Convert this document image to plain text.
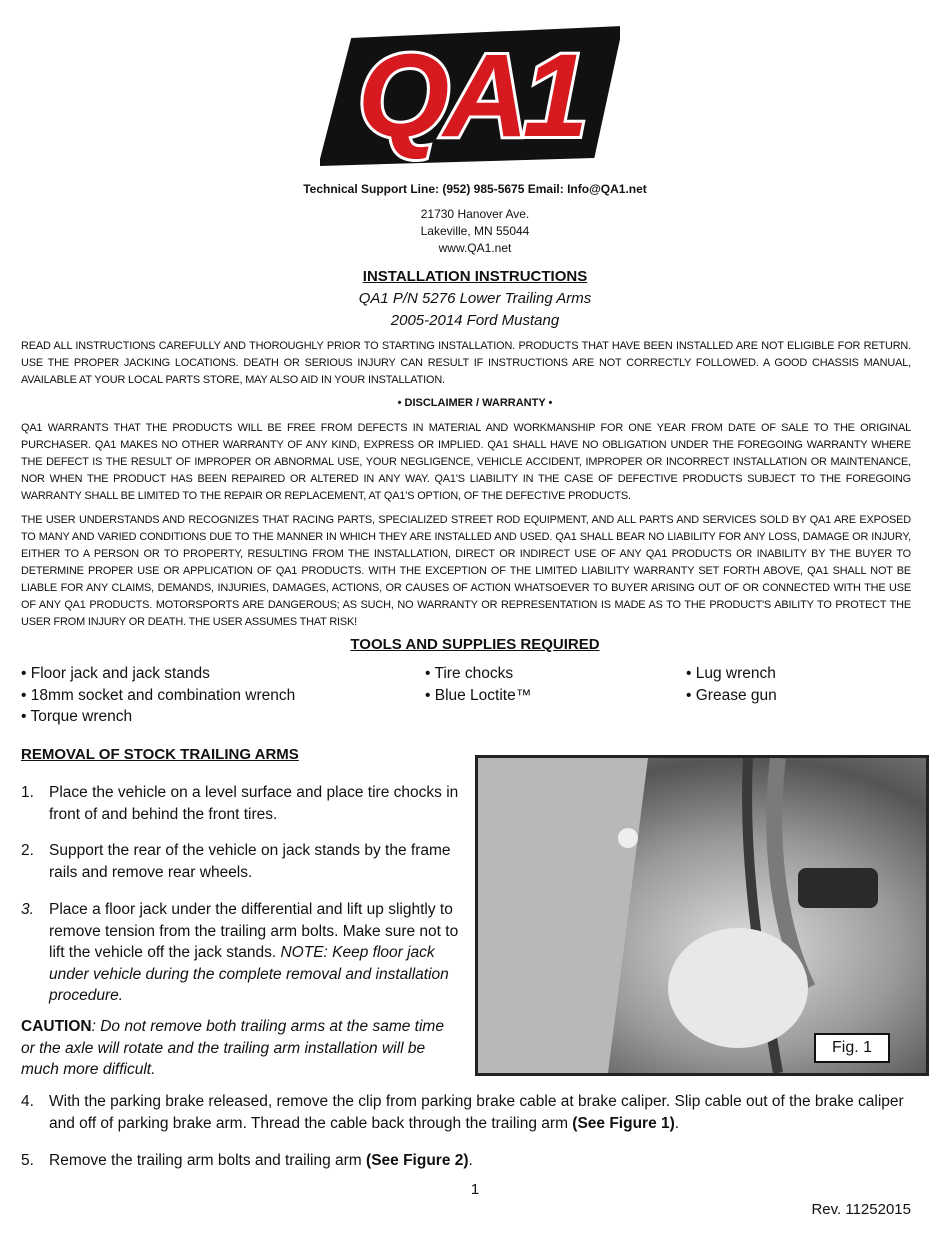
QA1 ®
Technical Support Line: (952) 985-5675 Email: Info@QA1.net
21730 Hanover Ave.
Lakeville, MN 55044
www.QA1.net
INSTALLATION INSTRUCTIONS
QA1 P/N 5276 Lower Trailing Arms
2005-2014 Ford Mustang
READ ALL INSTRUCTIONS CAREFULLY AND THOROUGHLY PRIOR TO STARTING INSTALLATION. PRODUCTS THAT HAVE BEEN INSTALLED ARE NOT ELIGIBLE FOR RETURN. USE THE PROPER JACKING LOCATIONS. DEATH OR SERIOUS INJURY CAN RESULT IF INSTRUCTIONS ARE NOT CORRECTLY FOLLOWED. A GOOD CHASSIS MANUAL, AVAILABLE AT YOUR LOCAL PARTS STORE, MAY ALSO AID IN YOUR INSTALLATION.
• DISCLAIMER / WARRANTY •
QA1 WARRANTS THAT THE PRODUCTS WILL BE FREE FROM DEFECTS IN MATERIAL AND WORKMANSHIP FOR ONE YEAR FROM DATE OF SALE TO THE ORIGINAL PURCHASER. QA1 MAKES NO OTHER WARRANTY OF ANY KIND, EXPRESS OR IMPLIED. QA1 SHALL HAVE NO OBLIGATION UNDER THE FOREGOING WARRANTY WHERE THE DEFECT IS THE RESULT OF IMPROPER OR ABNORMAL USE, YOUR NEGLIGENCE, VEHICLE ACCIDENT, IMPROPER OR INCORRECT INSTALLATION OR MAINTENANCE, NOR WHEN THE PRODUCT HAS BEEN REPAIRED OR ALTERED IN ANY WAY. QA1'S LIABILITY IN THE CASE OF DEFECTIVE PRODUCTS SUBJECT TO THE FOREGOING WARRANTY SHALL BE LIMITED TO THE REPAIR OR REPLACEMENT, AT QA1'S OPTION, OF THE DEFECTIVE PRODUCTS.
THE USER UNDERSTANDS AND RECOGNIZES THAT RACING PARTS, SPECIALIZED STREET ROD EQUIPMENT, AND ALL PARTS AND SERVICES SOLD BY QA1 ARE EXPOSED TO MANY AND VARIED CONDITIONS DUE TO THE MANNER IN WHICH THEY ARE INSTALLED AND USED. QA1 SHALL BEAR NO LIABILITY FOR ANY LOSS, DAMAGE OR INJURY, EITHER TO A PERSON OR TO PROPERTY, RESULTING FROM THE INSTALLATION, DIRECT OR INDIRECT USE OF ANY QA1 PRODUCTS OR INABILITY BY THE BUYER TO DETERMINE PROPER USE OR APPLICATION OF QA1 PRODUCTS. WITH THE EXCEPTION OF THE LIMITED LIABILITY WARRANTY SET FORTH ABOVE, QA1 SHALL NOT BE LIABLE FOR ANY CLAIMS, DEMANDS, INJURIES, DAMAGES, ACTIONS, OR CAUSES OF ACTION WHATSOEVER TO BUYER ARISING OUT OF OR CONNECTED WITH THE USE OF ANY QA1 PRODUCTS. MOTORSPORTS ARE DANGEROUS; AS SUCH, NO WARRANTY OR REPRESENTATION IS MADE AS TO THE PRODUCT'S ABILITY TO PROTECT THE USER FROM INJURY OR DEATH. THE USER ASSUMES THAT RISK!
TOOLS AND SUPPLIES REQUIRED
• Floor jack and jack stands	• Tire chocks	• Lug wrench
• 18mm socket and combination wrench	• Blue Loctite™	• Grease gun
• Torque wrench
REMOVAL OF STOCK TRAILING ARMS
1. Place the vehicle on a level surface and place tire chocks in front of and behind the front tires.
2. Support the rear of the vehicle on jack stands by the frame rails and remove rear wheels.
3. Place a floor jack under the differential and lift up slightly to remove tension from the trailing arm bolts. Make sure not to lift the vehicle off the jack stands. NOTE: Keep floor jack under vehicle during the complete removal and installation procedure.
CAUTION: Do not remove both trailing arms at the same time or the axle will rotate and the trailing arm installation will be much more difficult.
Fig. 1
4. With the parking brake released, remove the clip from parking brake cable at brake caliper. Slip cable out of the brake caliper and off of parking brake arm. Thread the cable back through the trailing arm (See Figure 1).
5. Remove the trailing arm bolts and trailing arm (See Figure 2).
1
Rev. 11252015
